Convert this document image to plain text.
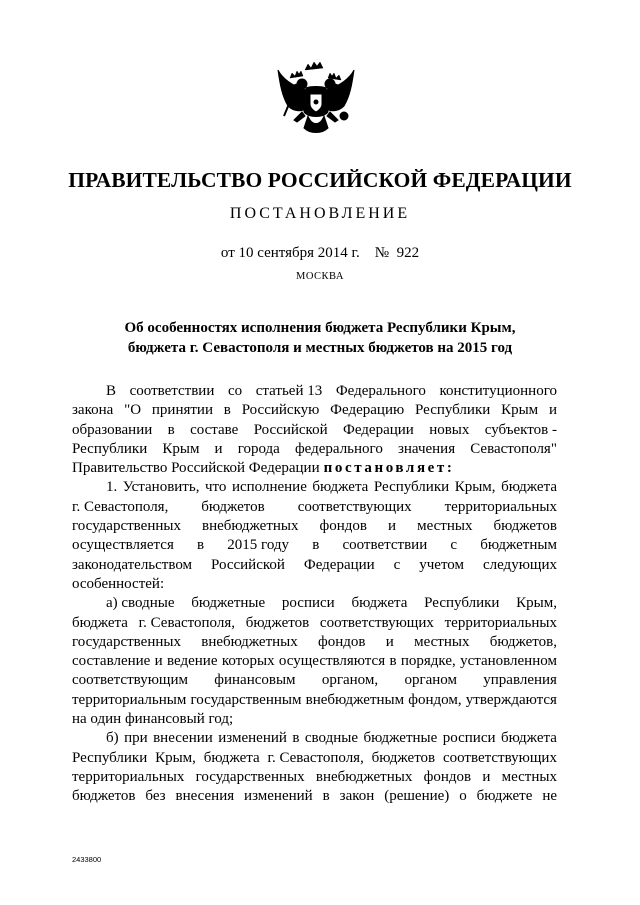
ПРАВИТЕЛЬСТВО РОССИЙСКОЙ ФЕДЕРАЦИИ
ПОСТАНОВЛЕНИЕ
от 10 сентября 2014 г. №  922
МОСКВА
Об особенностях исполнения бюджета Республики Крым,
бюджета г. Севастополя и местных бюджетов на 2015 год
В соответствии со статьей 13 Федерального конституционного
закона "О принятии в Российскую Федерацию Республики Крым и
образовании в составе Российской Федерации новых субъектов -
Республики Крым и города федерального значения Севастополя"
Правительство Российской Федерации постановляет:
1. Установить, что исполнение бюджета Республики Крым, бюджета
г. Севастополя, бюджетов соответствующих территориальных
государственных внебюджетных фондов и местных бюджетов
осуществляется в 2015 году в соответствии с бюджетным
законодательством Российской Федерации с учетом следующих
особенностей:
а) сводные бюджетные росписи бюджета Республики Крым,
бюджета г. Севастополя, бюджетов соответствующих территориальных
государственных внебюджетных фондов и местных бюджетов,
составление и ведение которых осуществляются в порядке, установленном
соответствующим финансовым органом, органом управления
территориальным государственным внебюджетным фондом, утверждаются
на один финансовый год;
б) при внесении изменений в сводные бюджетные росписи бюджета
Республики Крым, бюджета г. Севастополя, бюджетов соответствующих
территориальных государственных внебюджетных фондов и местных
бюджетов без внесения изменений в закон (решение) о бюджете не
2433800
